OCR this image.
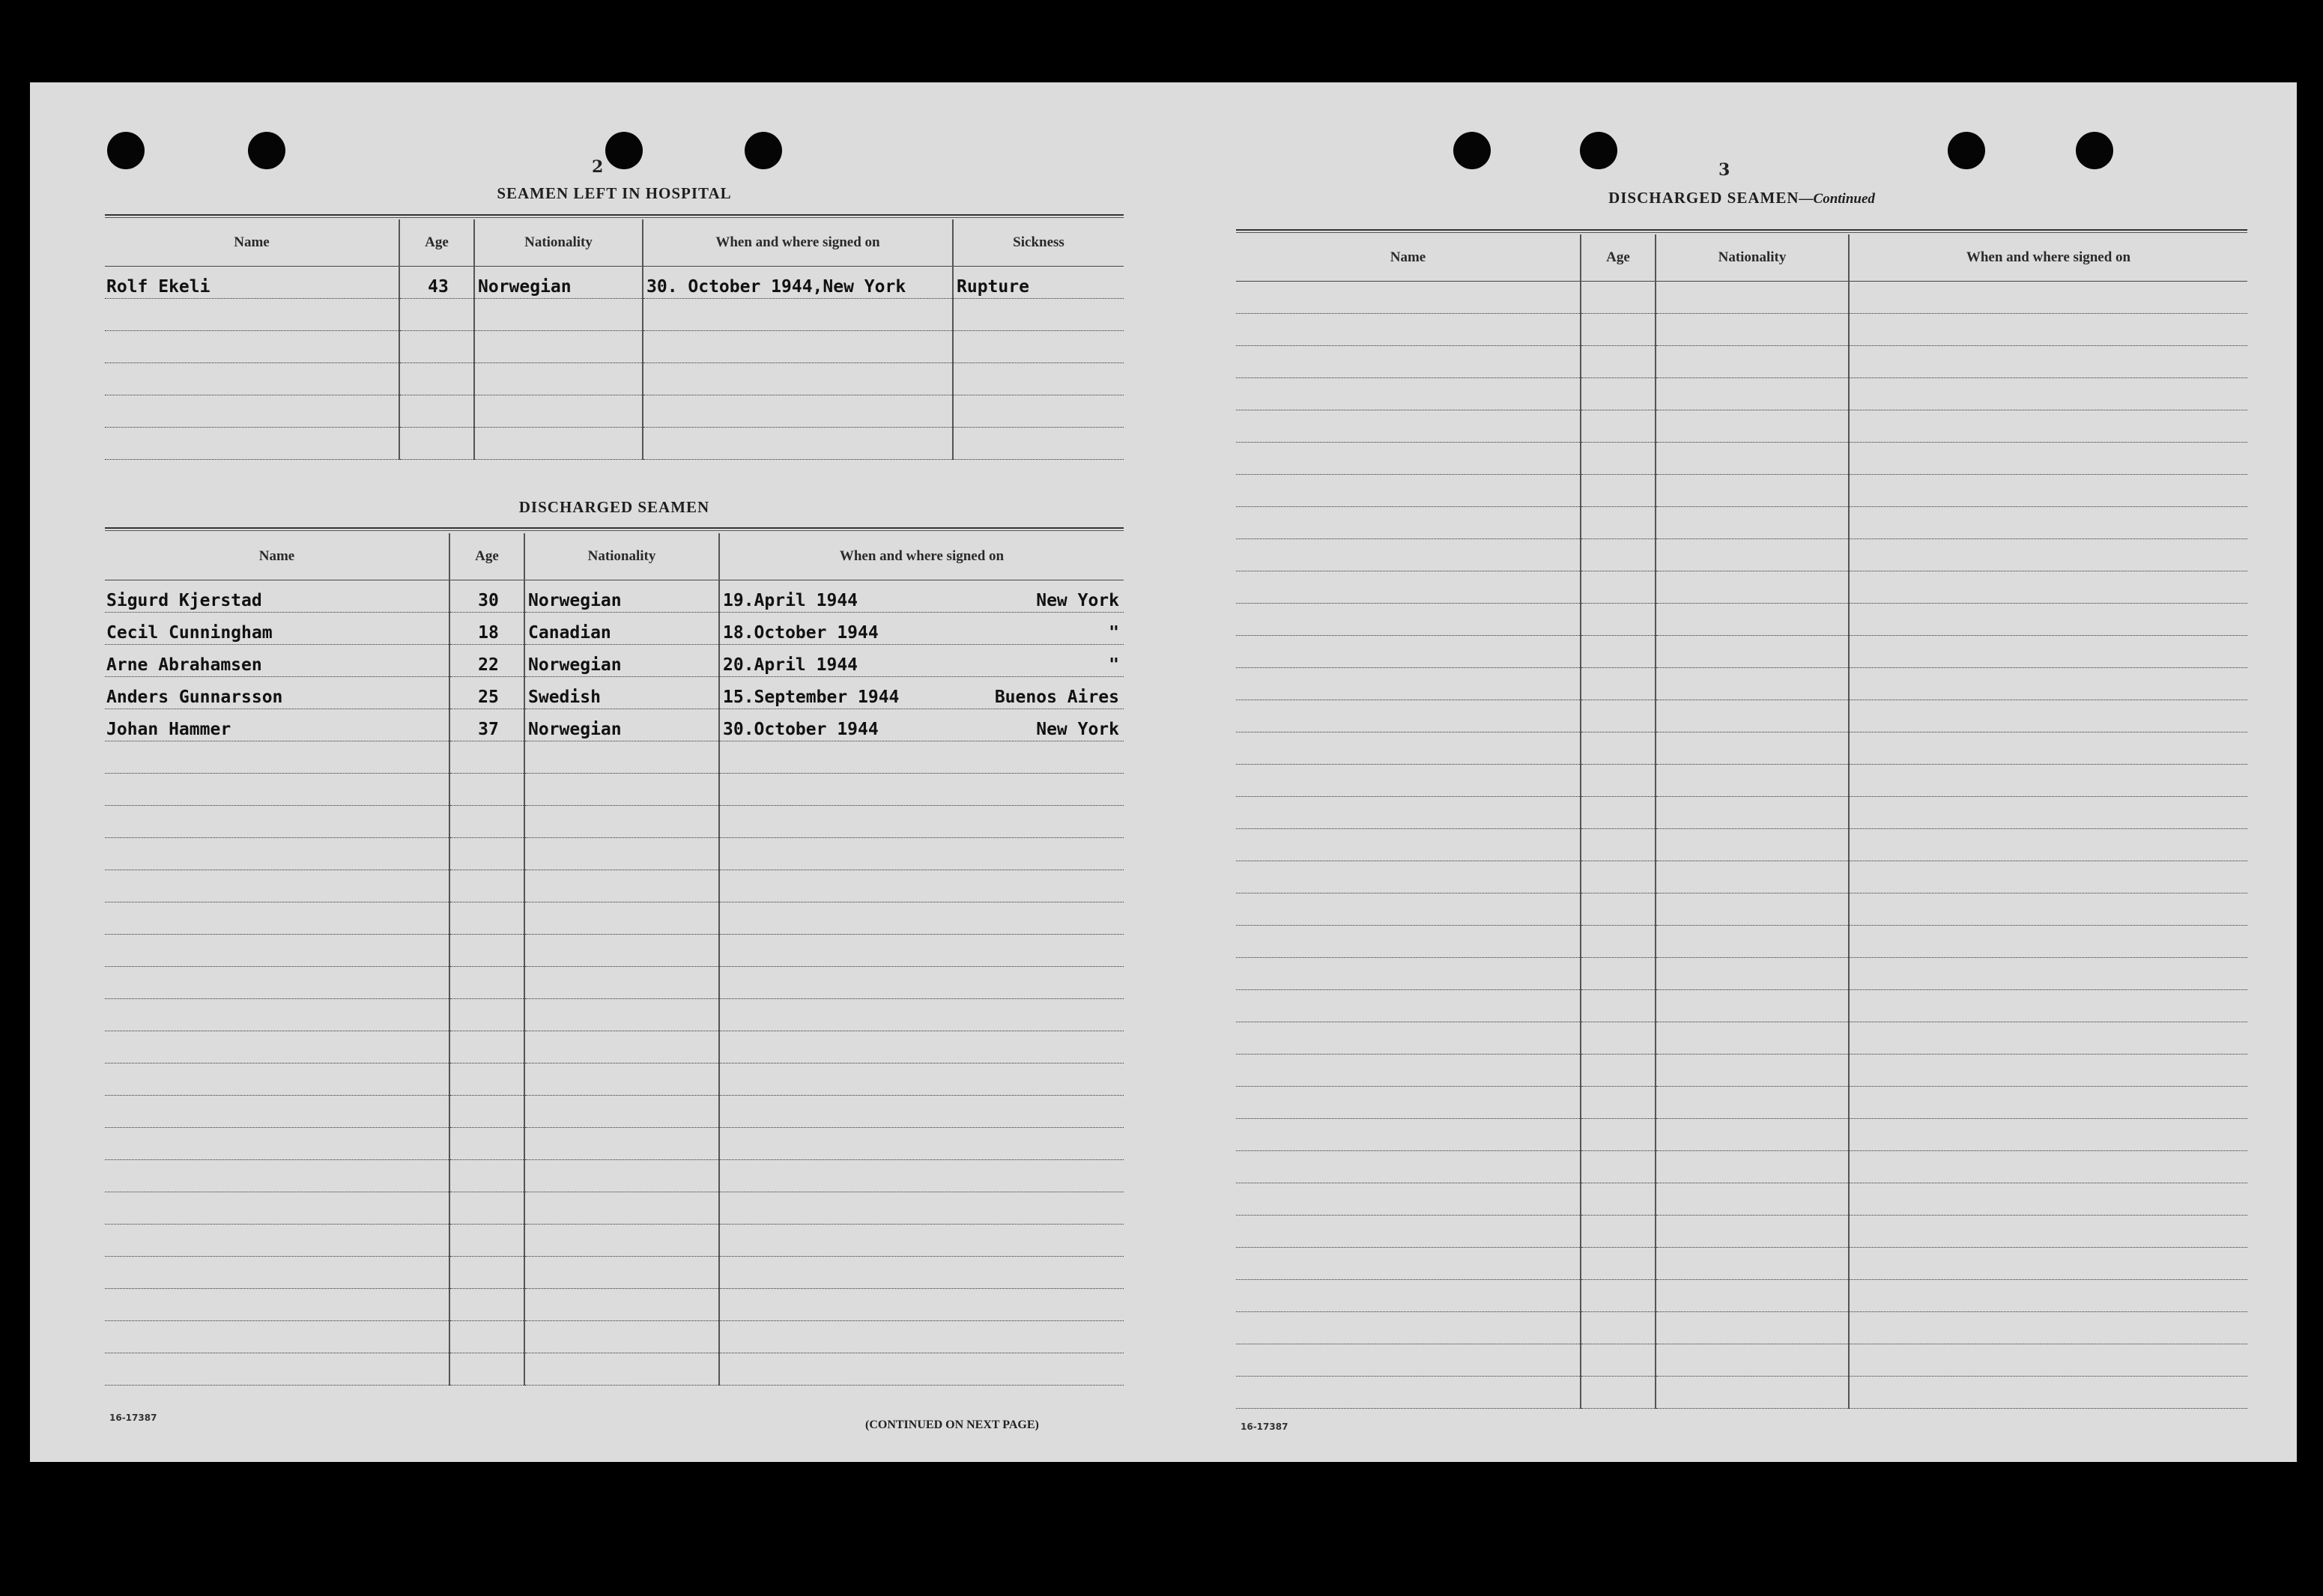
2
SEAMEN LEFT IN HOSPITAL
Name	Age	Nationality	When and where signed on	Sickness
Rolf Ekeli	43	Norwegian	30. October 1944,New York	Rupture

DISCHARGED SEAMEN
Name	Age	Nationality	When and where signed on
Sigurd Kjerstad	30	Norwegian	19.April 1944 New York

Cecil Cunningham	18	Canadian	18.October 1944 "

Arne Abrahamsen	22	Norwegian	20.April 1944 "

Anders Gunnarsson	25	Swedish	15.September 1944 Buenos Aires

Johan Hammer	37	Norwegian	30.October 1944 New York

16-17387
(CONTINUED ON NEXT PAGE)
3
DISCHARGED SEAMEN—Continued
Name	Age	Nationality	When and where signed on

16-17387
